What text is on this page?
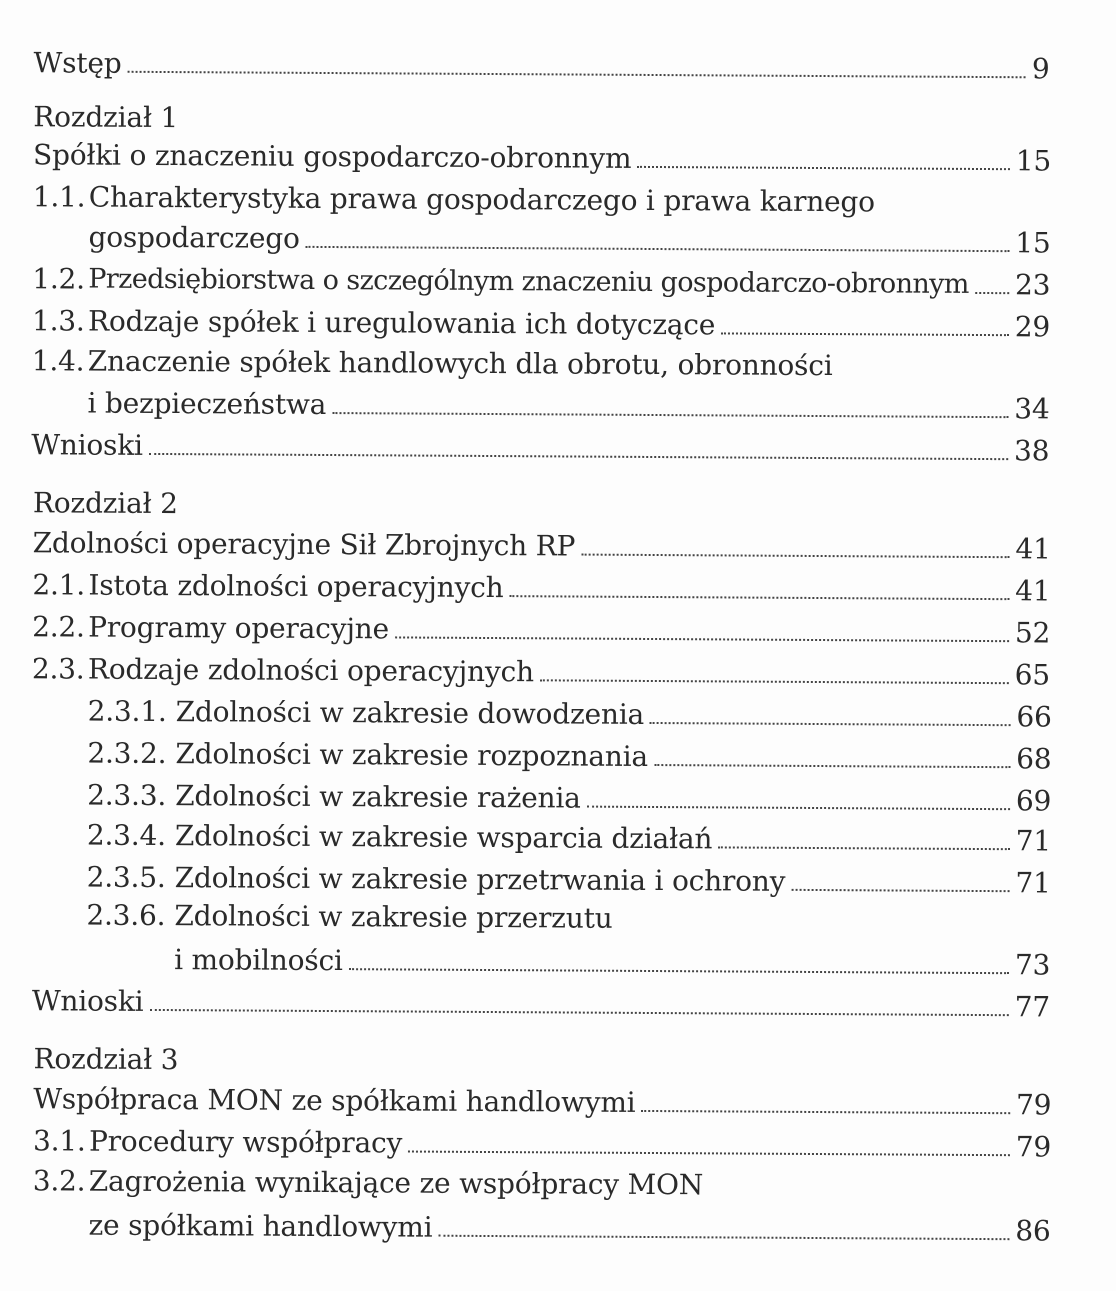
Wstęp	9
Rozdział 1
Spółki o znaczeniu gospodarczo-obronnym	15
1.1. Charakterystyka prawa gospodarczego i prawa karnego
gospodarczego	15
1.2. Przedsiębiorstwa o szczególnym znaczeniu gospodarczo-obronnym 23
1.3. Rodzaje spółek i uregulowania ich dotyczące	29
1.4. Znaczenie spółek handlowych dla obrotu, obronności
i bezpieczeństwa	34
Wnioski	38
Rozdział 2
Zdolności operacyjne Sił Zbrojnych RP	41
2.1. Istota zdolności operacyjnych	41
2.2. Programy operacyjne	52
2.3. Rodzaje zdolności operacyjnych	65
2.3.1. Zdolności w zakresie dowodzenia	66
2.3.2. Zdolności w zakresie rozpoznania	68
2.3.3. Zdolności w zakresie rażenia	69
2.3.4. Zdolności w zakresie wsparcia działań	71
2.3.5. Zdolności w zakresie przetrwania i ochrony	71
2.3.6. Zdolności w zakresie przerzutu
i mobilności	73
Wnioski	77
Rozdział 3
Współpraca MON ze spółkami handlowymi	79
3.1. Procedury współpracy	79
3.2. Zagrożenia wynikające ze współpracy MON
ze spółkami handlowymi	86
